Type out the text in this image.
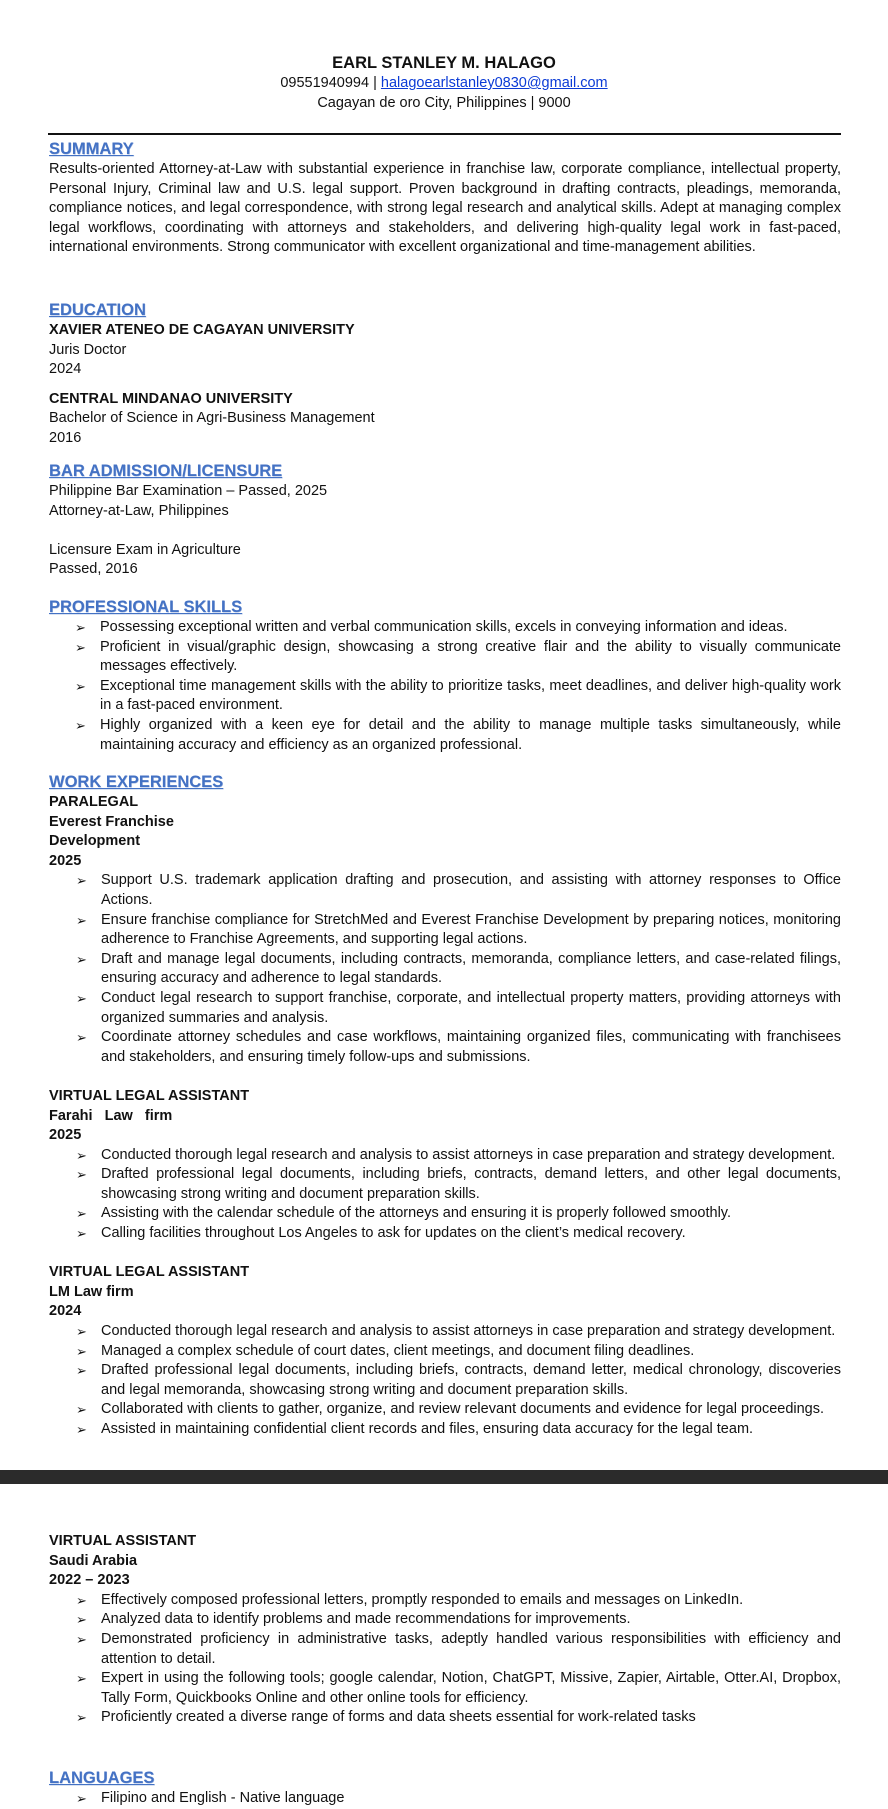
EARL STANLEY M. HALAGO
09551940994 | halagoearlstanley0830@gmail.com
Cagayan de oro City, Philippines | 9000
SUMMARY
Results-oriented Attorney-at-Law with substantial experience in franchise law, corporate compliance, intellectual property, Personal Injury, Criminal law and U.S. legal support. Proven background in drafting contracts, pleadings, memoranda, compliance notices, and legal correspondence, with strong legal research and analytical skills. Adept at managing complex legal workflows, coordinating with attorneys and stakeholders, and delivering high-quality legal work in fast-paced, international environments. Strong communicator with excellent organizational and time-management abilities.
EDUCATION
XAVIER ATENEO DE CAGAYAN UNIVERSITY
Juris Doctor
2024
CENTRAL MINDANAO UNIVERSITY
Bachelor of Science in Agri-Business Management
2016
BAR ADMISSION/LICENSURE
Philippine Bar Examination – Passed, 2025
Attorney-at-Law, Philippines
Licensure Exam in Agriculture
Passed, 2016
PROFESSIONAL SKILLS
➢ Possessing exceptional written and verbal communication skills, excels in conveying information and ideas.
➢ Proficient in visual/graphic design, showcasing a strong creative flair and the ability to visually communicate messages effectively.
➢ Exceptional time management skills with the ability to prioritize tasks, meet deadlines, and deliver high-quality work in a fast-paced environment.
➢ Highly organized with a keen eye for detail and the ability to manage multiple tasks simultaneously, while maintaining accuracy and efficiency as an organized professional.
WORK EXPERIENCES
PARALEGAL
Everest Franchise
Development
2025
➢ Support U.S. trademark application drafting and prosecution, and assisting with attorney responses to Office Actions.
➢ Ensure franchise compliance for StretchMed and Everest Franchise Development by preparing notices, monitoring adherence to Franchise Agreements, and supporting legal actions.
➢ Draft and manage legal documents, including contracts, memoranda, compliance letters, and case-related filings, ensuring accuracy and adherence to legal standards.
➢ Conduct legal research to support franchise, corporate, and intellectual property matters, providing attorneys with organized summaries and analysis.
➢ Coordinate attorney schedules and case workflows, maintaining organized files, communicating with franchisees and stakeholders, and ensuring timely follow-ups and submissions.
VIRTUAL LEGAL ASSISTANT
Farahi   Law   firm
2025
➢ Conducted thorough legal research and analysis to assist attorneys in case preparation and strategy development.
➢ Drafted professional legal documents, including briefs, contracts, demand letters, and other legal documents, showcasing strong writing and document preparation skills.
➢ Assisting with the calendar schedule of the attorneys and ensuring it is properly followed smoothly.
➢ Calling facilities throughout Los Angeles to ask for updates on the client’s medical recovery.
VIRTUAL LEGAL ASSISTANT
LM Law firm
2024
➢ Conducted thorough legal research and analysis to assist attorneys in case preparation and strategy development.
➢ Managed a complex schedule of court dates, client meetings, and document filing deadlines.
➢ Drafted professional legal documents, including briefs, contracts, demand letter, medical chronology, discoveries and legal memoranda, showcasing strong writing and document preparation skills.
➢ Collaborated with clients to gather, organize, and review relevant documents and evidence for legal proceedings.
➢ Assisted in maintaining confidential client records and files, ensuring data accuracy for the legal team.
VIRTUAL ASSISTANT
Saudi Arabia
2022 – 2023
➢ Effectively composed professional letters, promptly responded to emails and messages on LinkedIn.
➢ Analyzed data to identify problems and made recommendations for improvements.
➢ Demonstrated proficiency in administrative tasks, adeptly handled various responsibilities with efficiency and attention to detail.
➢ Expert in using the following tools; google calendar, Notion, ChatGPT, Missive, Zapier, Airtable, Otter.AI, Dropbox, Tally Form, Quickbooks Online and other online tools for efficiency.
➢ Proficiently created a diverse range of forms and data sheets essential for work-related tasks
LANGUAGES
➢ Filipino and English - Native language
